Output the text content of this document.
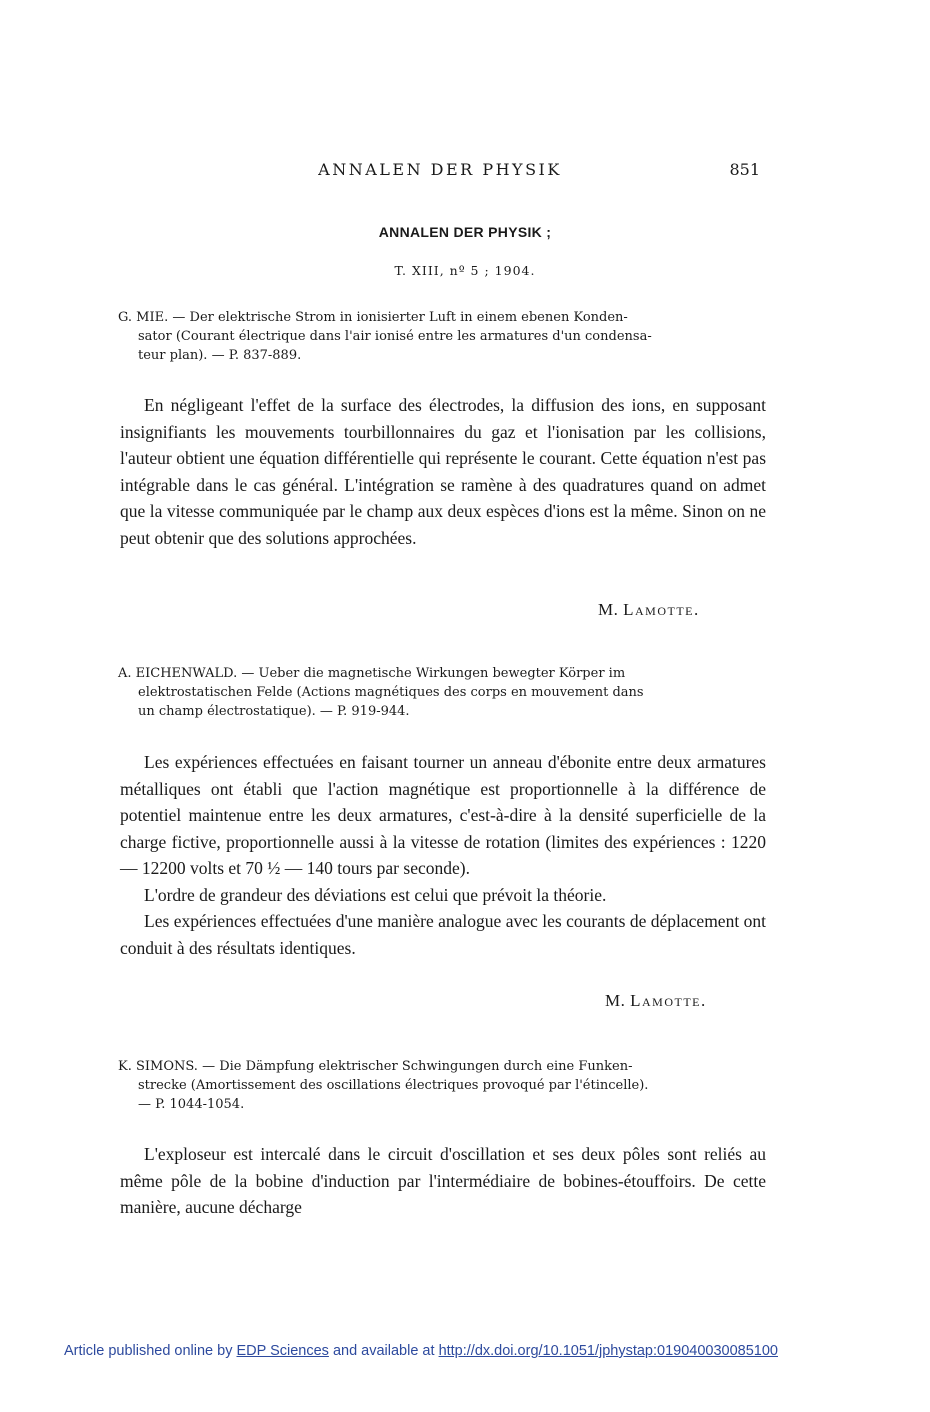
ANNALEN DER PHYSIK	851
ANNALEN DER PHYSIK ;
T. XIII, nº 5 ; 1904.
G. MIE. — Der elektrische Strom in ionisierter Luft in einem ebenen Konden-
sator (Courant électrique dans l'air ionisé entre les armatures d'un condensa-
teur plan). — P. 837-889.

En négligeant l'effet de la surface des électrodes, la diffusion des ions, en supposant insignifiants les mouvements tourbillonnaires du gaz et l'ionisation par les collisions, l'auteur obtient une équation différentielle qui représente le courant. Cette équation n'est pas intégrable dans le cas général. L'intégration se ramène à des quadratures quand on admet que la vitesse communiquée par le champ aux deux espèces d'ions est la même. Sinon on ne peut obtenir que des solutions approchées.

M. Lamotte.
A. EICHENWALD. — Ueber die magnetische Wirkungen bewegter Körper im
elektrostatischen Felde (Actions magnétiques des corps en mouvement dans
un champ électrostatique). — P. 919-944.

Les expériences effectuées en faisant tourner un anneau d'ébonite entre deux armatures métalliques ont établi que l'action magnétique est proportionnelle à la différence de potentiel maintenue entre les deux armatures, c'est-à-dire à la densité superficielle de la charge fictive, proportionnelle aussi à la vitesse de rotation (limites des expériences : 1220 — 12200 volts et 70 ½ — 140 tours par seconde).

L'ordre de grandeur des déviations est celui que prévoit la théorie.

Les expériences effectuées d'une manière analogue avec les courants de déplacement ont conduit à des résultats identiques.

M. Lamotte.
K. SIMONS. — Die Dämpfung elektrischer Schwingungen durch eine Funken-
strecke (Amortissement des oscillations électriques provoqué par l'étincelle).
— P. 1044-1054.

L'exploseur est intercalé dans le circuit d'oscillation et ses deux pôles sont reliés au même pôle de la bobine d'induction par l'intermédiaire de bobines-étouffoirs. De cette manière, aucune décharge

Article published online by EDP Sciences and available at http://dx.doi.org/10.1051/jphystap:019040030085100
